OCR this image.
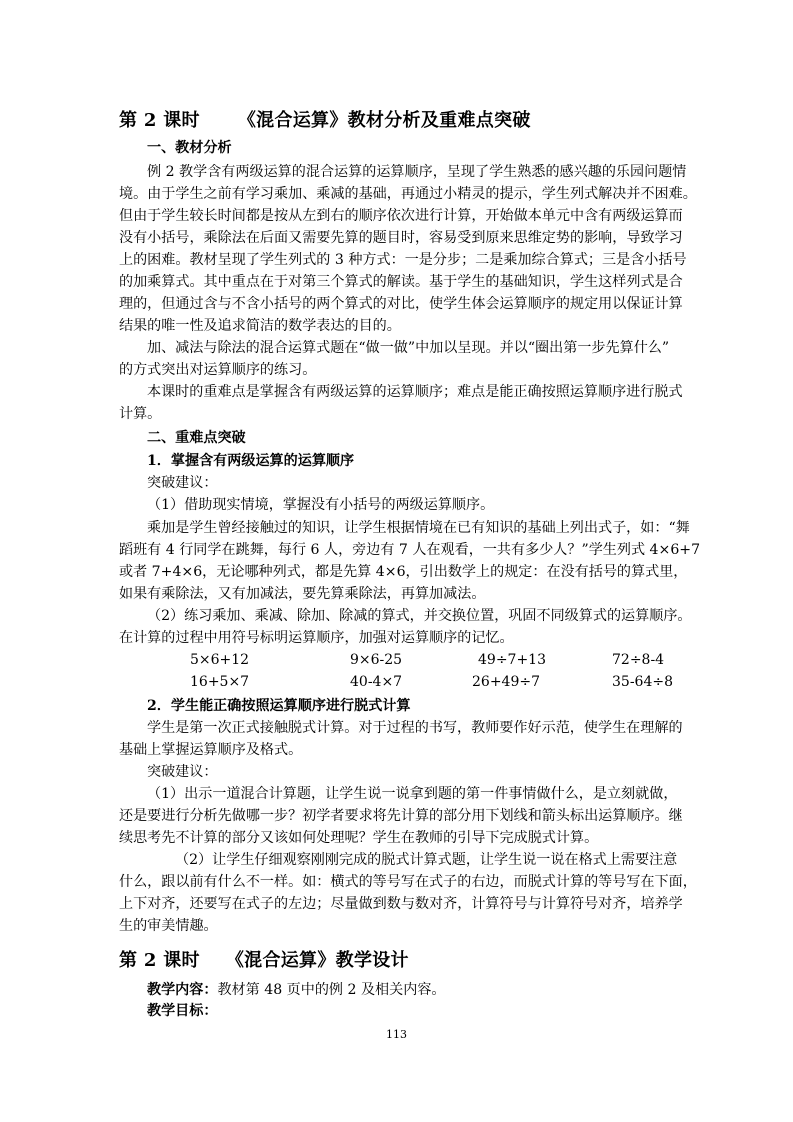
第 2 课时 《混合运算》教材分析及重难点突破
一、教材分析
例 2 教学含有两级运算的混合运算的运算顺序，呈现了学生熟悉的感兴趣的乐园问题情
境。由于学生之前有学习乘加、乘减的基础，再通过小精灵的提示，学生列式解决并不困难。
但由于学生较长时间都是按从左到右的顺序依次进行计算，开始做本单元中含有两级运算而
没有小括号，乘除法在后面又需要先算的题目时，容易受到原来思维定势的影响，导致学习
上的困难。教材呈现了学生列式的 3 种方式：一是分步；二是乘加综合算式；三是含小括号
的加乘算式。其中重点在于对第三个算式的解读。基于学生的基础知识，学生这样列式是合
理的，但通过含与不含小括号的两个算式的对比，使学生体会运算顺序的规定用以保证计算
结果的唯一性及追求简洁的数学表达的目的。
加、减法与除法的混合运算式题在“做一做”中加以呈现。并以“圈出第一步先算什么”
的方式突出对运算顺序的练习。
本课时的重难点是掌握含有两级运算的运算顺序；难点是能正确按照运算顺序进行脱式
计算。
二、重难点突破
1．掌握含有两级运算的运算顺序
突破建议：
（1）借助现实情境，掌握没有小括号的两级运算顺序。
乘加是学生曾经接触过的知识，让学生根据情境在已有知识的基础上列出式子，如：“舞
蹈班有 4 行同学在跳舞，每行 6 人，旁边有 7 人在观看，一共有多少人？”学生列式 4×6+7
或者 7+4×6，无论哪种列式，都是先算 4×6，引出数学上的规定：在没有括号的算式里，
如果有乘除法，又有加减法，要先算乘除法，再算加减法。
（2）练习乘加、乘减、除加、除减的算式，并交换位置，巩固不同级算式的运算顺序。
在计算的过程中用符号标明运算顺序，加强对运算顺序的记忆。
5×6+12	9×6-25	49÷7+13	72÷8-4
16+5×7	40-4×7	26+49÷7	35-64÷8
2．学生能正确按照运算顺序进行脱式计算
学生是第一次正式接触脱式计算。对于过程的书写，教师要作好示范，使学生在理解的
基础上掌握运算顺序及格式。
突破建议：
（1）出示一道混合计算题，让学生说一说拿到题的第一件事情做什么，是立刻就做，
还是要进行分析先做哪一步？初学者要求将先计算的部分用下划线和箭头标出运算顺序。继
续思考先不计算的部分又该如何处理呢？学生在教师的引导下完成脱式计算。
（2）让学生仔细观察刚刚完成的脱式计算式题，让学生说一说在格式上需要注意
什么，跟以前有什么不一样。如：横式的等号写在式子的右边，而脱式计算的等号写在下面，
上下对齐，还要写在式子的左边；尽量做到数与数对齐，计算符号与计算符号对齐，培养学
生的审美情趣。
第 2 课时 《混合运算》教学设计
教学内容：教材第 48 页中的例 2 及相关内容。
教学目标：
113
